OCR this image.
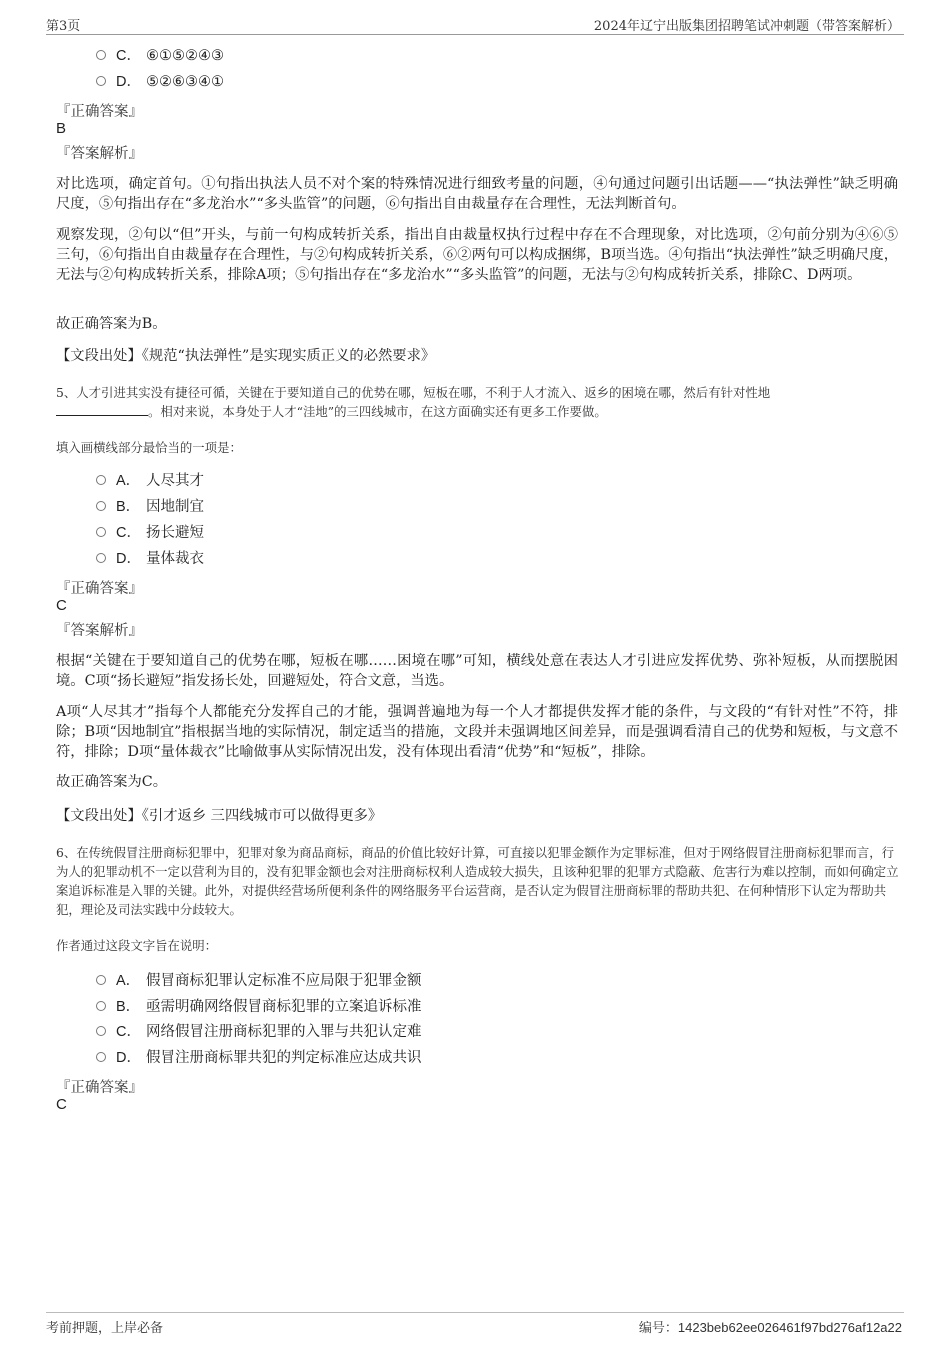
第3页	2024年辽宁出版集团招聘笔试冲刺题（带答案解析）
C． ⑥①⑤②④③
D． ⑤②⑥③④①
『正确答案』
B
『答案解析』
对比选项，确定首句。①句指出执法人员不对个案的特殊情况进行细致考量的问题，④句通过问题引出话题——“执法弹性”缺乏明确尺度，⑤句指出存在“多龙治水”“多头监管”的问题，⑥句指出自由裁量存在合理性，无法判断首句。
观察发现，②句以“但”开头，与前一句构成转折关系，指出自由裁量权执行过程中存在不合理现象，对比选项，②句前分别为④⑥⑤三句，⑥句指出自由裁量存在合理性，与②句构成转折关系，⑥②两句可以构成捆绑，B项当选。④句指出“执法弹性”缺乏明确尺度，无法与②句构成转折关系，排除A项；⑤句指出存在“多龙治水”“多头监管”的问题，无法与②句构成转折关系，排除C、D两项。
故正确答案为B。
【文段出处】《规范“执法弹性”是实现实质正义的必然要求》
5、人才引进其实没有捷径可循，关键在于要知道自己的优势在哪，短板在哪，不利于人才流入、返乡的困境在哪，然后有针对性地
。相对来说，本身处于人才“洼地”的三四线城市，在这方面确实还有更多工作要做。
填入画横线部分最恰当的一项是：
A． 人尽其才
B． 因地制宜
C． 扬长避短
D． 量体裁衣
『正确答案』
C
『答案解析』
根据“关键在于要知道自己的优势在哪，短板在哪……困境在哪”可知，横线处意在表达人才引进应发挥优势、弥补短板，从而摆脱困境。C项“扬长避短”指发扬长处，回避短处，符合文意，当选。
A项“人尽其才”指每个人都能充分发挥自己的才能，强调普遍地为每一个人才都提供发挥才能的条件，与文段的“有针对性”不符，排除；B项“因地制宜”指根据当地的实际情况，制定适当的措施，文段并未强调地区间差异，而是强调看清自己的优势和短板，与文意不符，排除；D项“量体裁衣”比喻做事从实际情况出发，没有体现出看清“优势”和“短板”，排除。
故正确答案为C。
【文段出处】《引才返乡 三四线城市可以做得更多》
6、在传统假冒注册商标犯罪中，犯罪对象为商品商标，商品的价值比较好计算，可直接以犯罪金额作为定罪标准，但对于网络假冒注册商标犯罪而言，行为人的犯罪动机不一定以营利为目的，没有犯罪金额也会对注册商标权利人造成较大损失，且该种犯罪的犯罪方式隐蔽、危害行为难以控制，而如何确定立案追诉标准是入罪的关键。此外，对提供经营场所便利条件的网络服务平台运营商，是否认定为假冒注册商标罪的帮助共犯、在何种情形下认定为帮助共犯，理论及司法实践中分歧较大。
作者通过这段文字旨在说明：
A． 假冒商标犯罪认定标准不应局限于犯罪金额
B． 亟需明确网络假冒商标犯罪的立案追诉标准
C． 网络假冒注册商标犯罪的入罪与共犯认定难
D． 假冒注册商标罪共犯的判定标准应达成共识
『正确答案』
C
考前押题，上岸必备	编号：1423beb62ee026461f97bd276af12a22
